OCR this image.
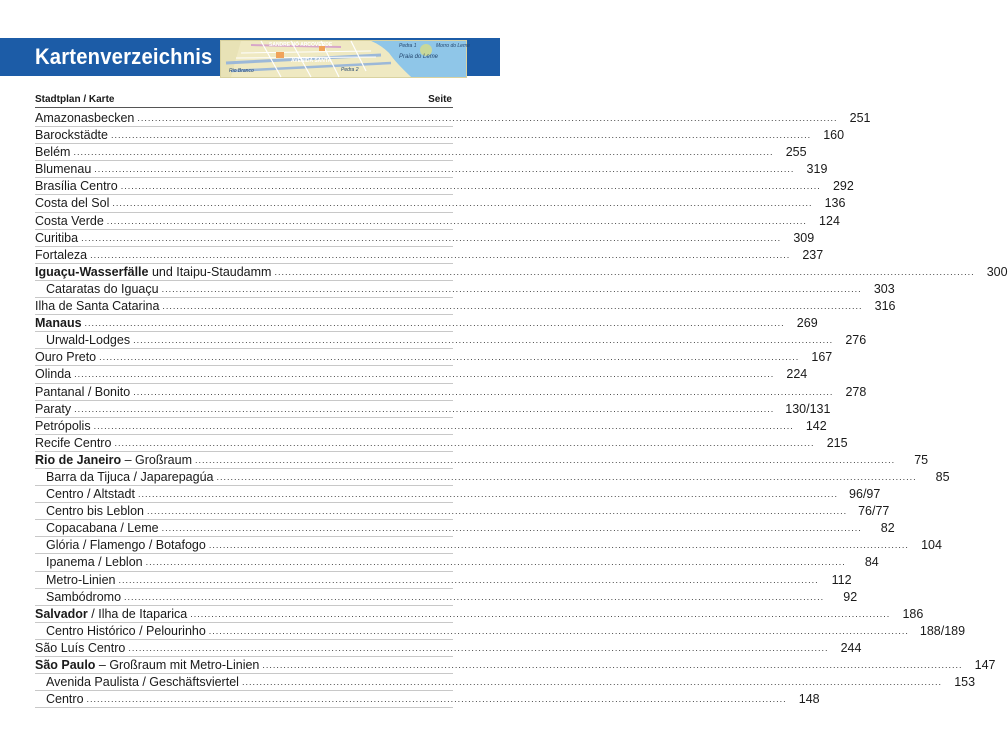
Kartenverzeichnis	Pedra 1
Praia do Leme
Morro do Leme
Pedra 2
SANDRE NÓ ARCOVERDE
AVENIDA SANTA
Rio Branco
Stadtplan / Karte	Seite
Amazonasbecken ........................................................................................................................................................................................................ 251
Barockstädte ........................................................................................................................................................................................................ 160
Belém ........................................................................................................................................................................................................ 255
Blumenau ........................................................................................................................................................................................................ 319
Brasília Centro ........................................................................................................................................................................................................ 292
Costa del Sol ........................................................................................................................................................................................................ 136
Costa Verde ........................................................................................................................................................................................................ 124
Curitiba ........................................................................................................................................................................................................ 309
Fortaleza ........................................................................................................................................................................................................ 237
Iguaçu-Wasserfälle und Itaipu-Staudamm ........................................................................................................................................................................................................ 300
Cataratas do Iguaçu ........................................................................................................................................................................................................ 303
Ilha de Santa Catarina ........................................................................................................................................................................................................ 316
Manaus ........................................................................................................................................................................................................ 269
Urwald-Lodges ........................................................................................................................................................................................................ 276
Ouro Preto ........................................................................................................................................................................................................ 167
Olinda ........................................................................................................................................................................................................ 224
Pantanal / Bonito ........................................................................................................................................................................................................ 278
Paraty ........................................................................................................................................................................................................ 130/131
Petrópolis ........................................................................................................................................................................................................ 142
Recife Centro ........................................................................................................................................................................................................ 215
Rio de Janeiro – Großraum ........................................................................................................................................................................................................	75
Barra da Tijuca / Japarepagúa ........................................................................................................................................................................................................	85
Centro / Altstadt ........................................................................................................................................................................................................ 96/97
Centro bis Leblon ........................................................................................................................................................................................................ 76/77
Copacabana / Leme ........................................................................................................................................................................................................	82
Glória / Flamengo / Botafogo ........................................................................................................................................................................................................ 104
Ipanema / Leblon ........................................................................................................................................................................................................	84
Metro-Linien ........................................................................................................................................................................................................ 112
Sambódromo ........................................................................................................................................................................................................	92
Salvador / Ilha de Itaparica ........................................................................................................................................................................................................ 186
Centro Histórico / Pelourinho ........................................................................................................................................................................................................ 188/189
São Luís Centro ........................................................................................................................................................................................................ 244
São Paulo – Großraum mit Metro-Linien ........................................................................................................................................................................................................ 147
Avenida Paulista / Geschäftsviertel ........................................................................................................................................................................................................ 153
Centro ........................................................................................................................................................................................................ 148
